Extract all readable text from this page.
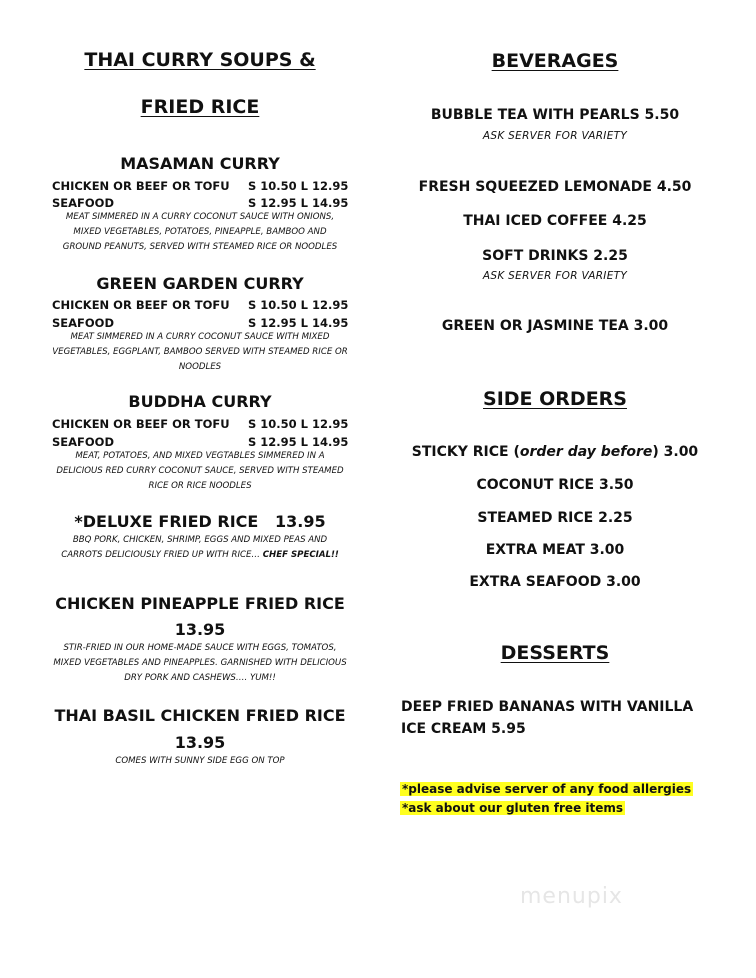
THAI CURRY SOUPS &
FRIED RICE
MASAMAN CURRY
CHICKEN OR BEEF OR TOFU S 10.50 L 12.95
SEAFOOD	S 12.95 L 14.95
MEAT SIMMERED IN A CURRY COCONUT SAUCE WITH ONIONS,
MIXED VEGETABLES, POTATOES, PINEAPPLE, BAMBOO AND
GROUND PEANUTS, SERVED WITH STEAMED RICE OR NOODLES
GREEN GARDEN CURRY
CHICKEN OR BEEF OR TOFU S 10.50 L 12.95
SEAFOOD	S 12.95 L 14.95
MEAT SIMMERED IN A CURRY COCONUT SAUCE WITH MIXED
VEGETABLES, EGGPLANT, BAMBOO SERVED WITH STEAMED RICE OR
NOODLES
BUDDHA CURRY
CHICKEN OR BEEF OR TOFU S 10.50 L 12.95
SEAFOOD	S 12.95 L 14.95
MEAT, POTATOES, AND MIXED VEGTABLES SIMMERED IN A
DELICIOUS RED CURRY COCONUT SAUCE, SERVED WITH STEAMED
RICE OR RICE NOODLES
*DELUXE FRIED RICE   13.95
BBQ PORK, CHICKEN, SHRIMP, EGGS AND MIXED PEAS AND
CARROTS DELICIOUSLY FRIED UP WITH RICE… CHEF SPECIAL!!
CHICKEN PINEAPPLE FRIED RICE
13.95
STIR-FRIED IN OUR HOME-MADE SAUCE WITH EGGS, TOMATOS,
MIXED VEGETABLES AND PINEAPPLES. GARNISHED WITH DELICIOUS
DRY PORK AND CASHEWS…. YUM!!
THAI BASIL CHICKEN FRIED RICE
13.95
COMES WITH SUNNY SIDE EGG ON TOP
BEVERAGES
BUBBLE TEA WITH PEARLS 5.50
ASK SERVER FOR VARIETY
FRESH SQUEEZED LEMONADE 4.50
THAI ICED COFFEE 4.25
SOFT DRINKS 2.25
ASK SERVER FOR VARIETY
GREEN OR JASMINE TEA 3.00
SIDE ORDERS
STICKY RICE (order day before) 3.00
COCONUT RICE 3.50
STEAMED RICE 2.25
EXTRA MEAT 3.00
EXTRA SEAFOOD 3.00
DESSERTS
DEEP FRIED BANANAS WITH VANILLA
ICE CREAM 5.95
*please advise server of any food allergies
*ask about our gluten free items
menupix
